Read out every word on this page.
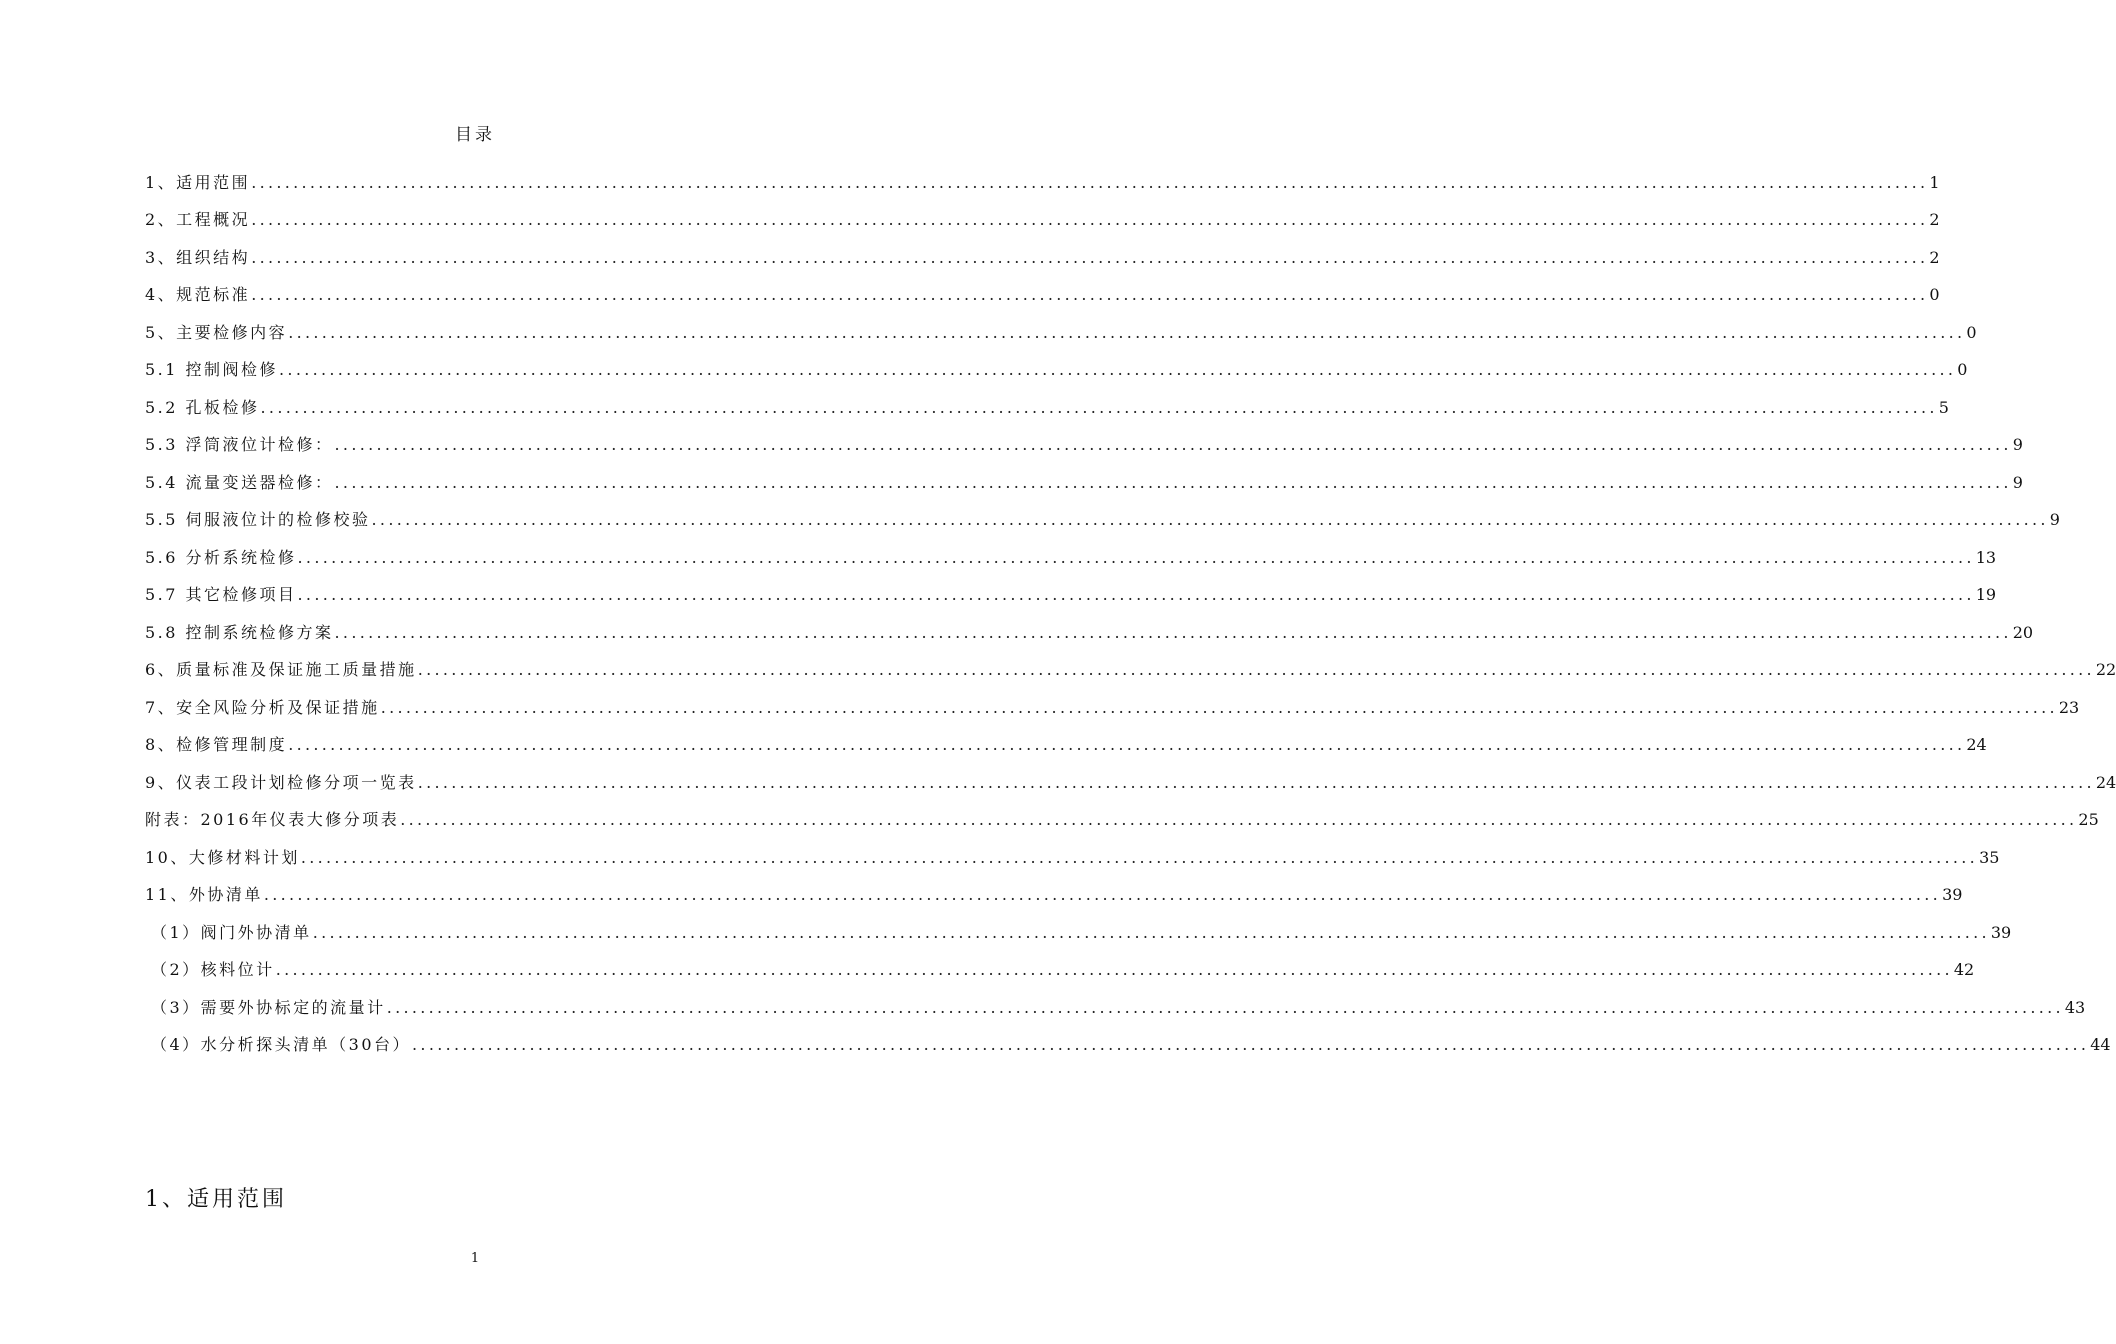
目录
1、适用范围 ........................................................................................................................................................................................................ 1
2、工程概况 ........................................................................................................................................................................................................ 2
3、组织结构 ........................................................................................................................................................................................................ 2
4、规范标准 ........................................................................................................................................................................................................ 0
5、主要检修内容 ........................................................................................................................................................................................................ 0
5.1 控制阀检修 ........................................................................................................................................................................................................ 0
5.2 孔板检修 ........................................................................................................................................................................................................ 5
5.3 浮筒液位计检修： ........................................................................................................................................................................................................ 9
5.4 流量变送器检修： ........................................................................................................................................................................................................ 9
5.5 伺服液位计的检修校验 ........................................................................................................................................................................................................ 9
5.6 分析系统检修 ........................................................................................................................................................................................................ 13
5.7 其它检修项目 ........................................................................................................................................................................................................ 19
5.8 控制系统检修方案 ........................................................................................................................................................................................................ 20
6、质量标准及保证施工质量措施 ........................................................................................................................................................................................................ 22
7、安全风险分析及保证措施 ........................................................................................................................................................................................................ 23
8、检修管理制度 ........................................................................................................................................................................................................ 24
9、仪表工段计划检修分项一览表 ........................................................................................................................................................................................................ 24
附表：2016年仪表大修分项表 ........................................................................................................................................................................................................ 25
10、大修材料计划 ........................................................................................................................................................................................................ 35
11、外协清单 ........................................................................................................................................................................................................ 39
（1）阀门外协清单 ........................................................................................................................................................................................................ 39
（2）核料位计 ........................................................................................................................................................................................................ 42
（3）需要外协标定的流量计 ........................................................................................................................................................................................................ 43
（4）水分析探头清单（30台） ........................................................................................................................................................................................................ 44
1、适用范围
1
